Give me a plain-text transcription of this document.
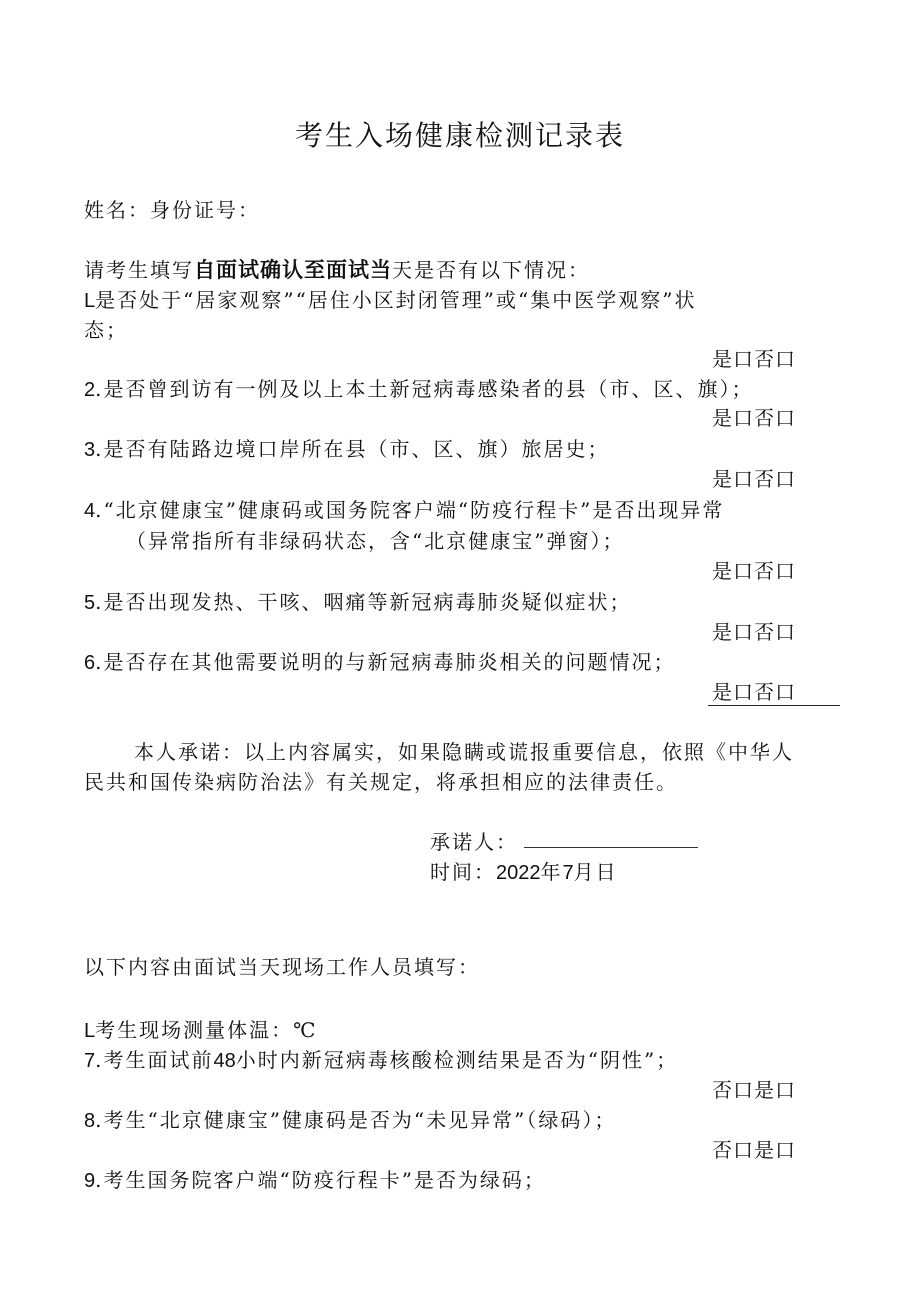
考生入场健康检测记录表
姓名：身份证号：
请考生填写自面试确认至面试当天是否有以下情况：
L是否处于“居家观察”“居住小区封闭管理”或“集中医学观察”状
态；
是口否口
2.是否曾到访有一例及以上本土新冠病毒感染者的县（市、区、旗）；
是口否口
3.是否有陆路边境口岸所在县（市、区、旗）旅居史；
是口否口
4.“北京健康宝”健康码或国务院客户端“防疫行程卡”是否出现异常
（异常指所有非绿码状态，含“北京健康宝”弹窗）；
是口否口
5.是否出现发热、干咳、咽痛等新冠病毒肺炎疑似症状；
是口否口
6.是否存在其他需要说明的与新冠病毒肺炎相关的问题情况；
是口否口
本人承诺：以上内容属实，如果隐瞒或谎报重要信息，依照《中华人
民共和国传染病防治法》有关规定，将承担相应的法律责任。
承诺人：
时间：2022年7月日
以下内容由面试当天现场工作人员填写：
L考生现场测量体温：℃
7.考生面试前48小时内新冠病毒核酸检测结果是否为“阴性”；
否口是口
8.考生“北京健康宝”健康码是否为“未见异常”（绿码）；
否口是口
9.考生国务院客户端“防疫行程卡”是否为绿码；
